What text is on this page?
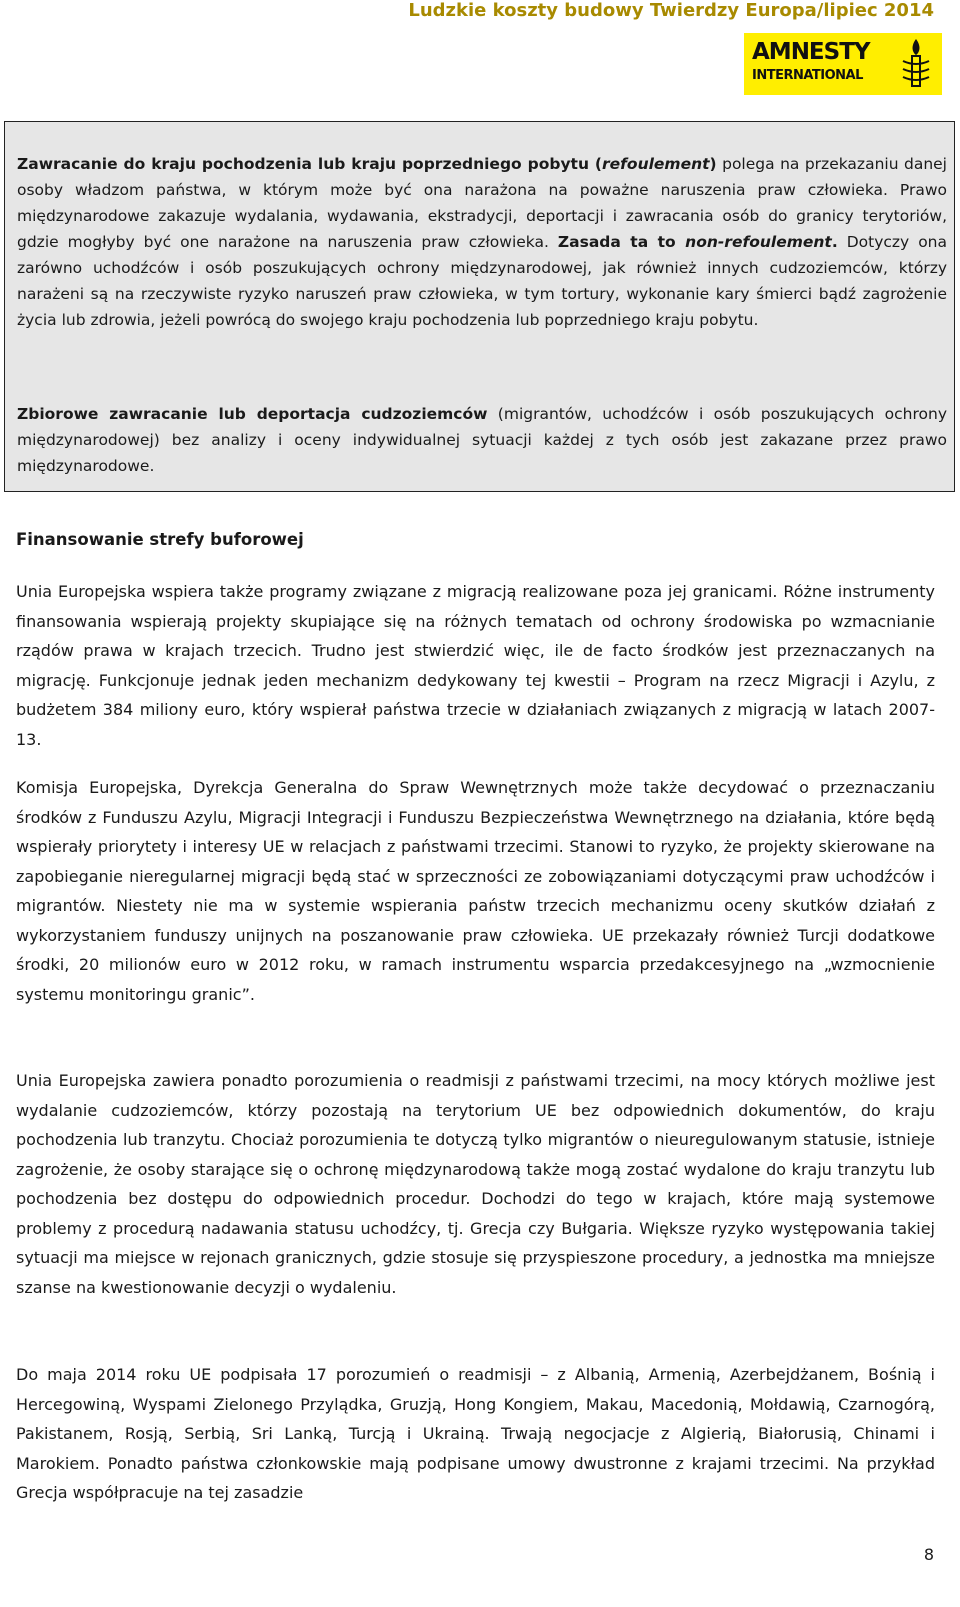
Ludzkie koszty budowy Twierdzy Europa/lipiec 2014
AMNESTY
INTERNATIONAL

Zawracanie do kraju pochodzenia lub kraju poprzedniego pobytu (refoulement) polega na przekazaniu danej osoby władzom państwa, w którym może być ona narażona na poważne naruszenia praw człowieka. Prawo międzynarodowe zakazuje wydalania, wydawania, ekstradycji, deportacji i zawracania osób do granicy terytoriów, gdzie mogłyby być one narażone na naruszenia praw człowieka. Zasada ta to non-refoulement. Dotyczy ona zarówno uchodźców i osób poszukujących ochrony międzynarodowej, jak również innych cudzoziemców, którzy narażeni są na rzeczywiste ryzyko naruszeń praw człowieka, w tym tortury, wykonanie kary śmierci bądź zagrożenie życia lub zdrowia, jeżeli powrócą do swojego kraju pochodzenia lub poprzedniego kraju pobytu.

Zbiorowe zawracanie lub deportacja cudzoziemców (migrantów, uchodźców i osób poszukujących ochrony międzynarodowej) bez analizy i oceny indywidualnej sytuacji każdej z tych osób jest zakazane przez prawo międzynarodowe.

Finansowanie strefy buforowej

Unia Europejska wspiera także programy związane z migracją realizowane poza jej granicami. Różne instrumenty finansowania wspierają projekty skupiające się na różnych tematach od ochrony środowiska po wzmacnianie rządów prawa w krajach trzecich. Trudno jest stwierdzić więc, ile de facto środków jest przeznaczanych na migrację. Funkcjonuje jednak jeden mechanizm dedykowany tej kwestii – Program na rzecz Migracji i Azylu, z budżetem 384 miliony euro, który wspierał państwa trzecie w działaniach związanych z migracją w latach 2007-13.

Komisja Europejska, Dyrekcja Generalna do Spraw Wewnętrznych może także decydować o przeznaczaniu środków z Funduszu Azylu, Migracji Integracji i Funduszu Bezpieczeństwa Wewnętrznego na działania, które będą wspierały priorytety i interesy UE w relacjach z państwami trzecimi. Stanowi to ryzyko, że projekty skierowane na zapobieganie nieregularnej migracji będą stać w sprzeczności ze zobowiązaniami dotyczącymi praw uchodźców i migrantów. Niestety nie ma w systemie wspierania państw trzecich mechanizmu oceny skutków działań z wykorzystaniem funduszy unijnych na poszanowanie praw człowieka. UE przekazały również Turcji dodatkowe środki, 20 milionów euro w 2012 roku, w ramach instrumentu wsparcia przedakcesyjnego na „wzmocnienie systemu monitoringu granic”.

Unia Europejska zawiera ponadto porozumienia o readmisji z państwami trzecimi, na mocy których możliwe jest wydalanie cudzoziemców, którzy pozostają na terytorium UE bez odpowiednich dokumentów, do kraju pochodzenia lub tranzytu. Chociaż porozumienia te dotyczą tylko migrantów o nieuregulowanym statusie, istnieje zagrożenie, że osoby starające się o ochronę międzynarodową także mogą zostać wydalone do kraju tranzytu lub pochodzenia bez dostępu do odpowiednich procedur. Dochodzi do tego w krajach, które mają systemowe problemy z procedurą nadawania statusu uchodźcy, tj. Grecja czy Bułgaria. Większe ryzyko występowania takiej sytuacji ma miejsce w rejonach granicznych, gdzie stosuje się przyspieszone procedury, a jednostka ma mniejsze szanse na kwestionowanie decyzji o wydaleniu.

Do maja 2014 roku UE podpisała 17 porozumień o readmisji – z Albanią, Armenią, Azerbejdżanem, Bośnią i Hercegowiną, Wyspami Zielonego Przylądka, Gruzją, Hong Kongiem, Makau, Macedonią, Mołdawią, Czarnogórą, Pakistanem, Rosją, Serbią, Sri Lanką, Turcją i Ukrainą. Trwają negocjacje z Algierią, Białorusią, Chinami i Marokiem. Ponadto państwa członkowskie mają podpisane umowy dwustronne z krajami trzecimi. Na przykład Grecja współpracuje na tej zasadzie

8
